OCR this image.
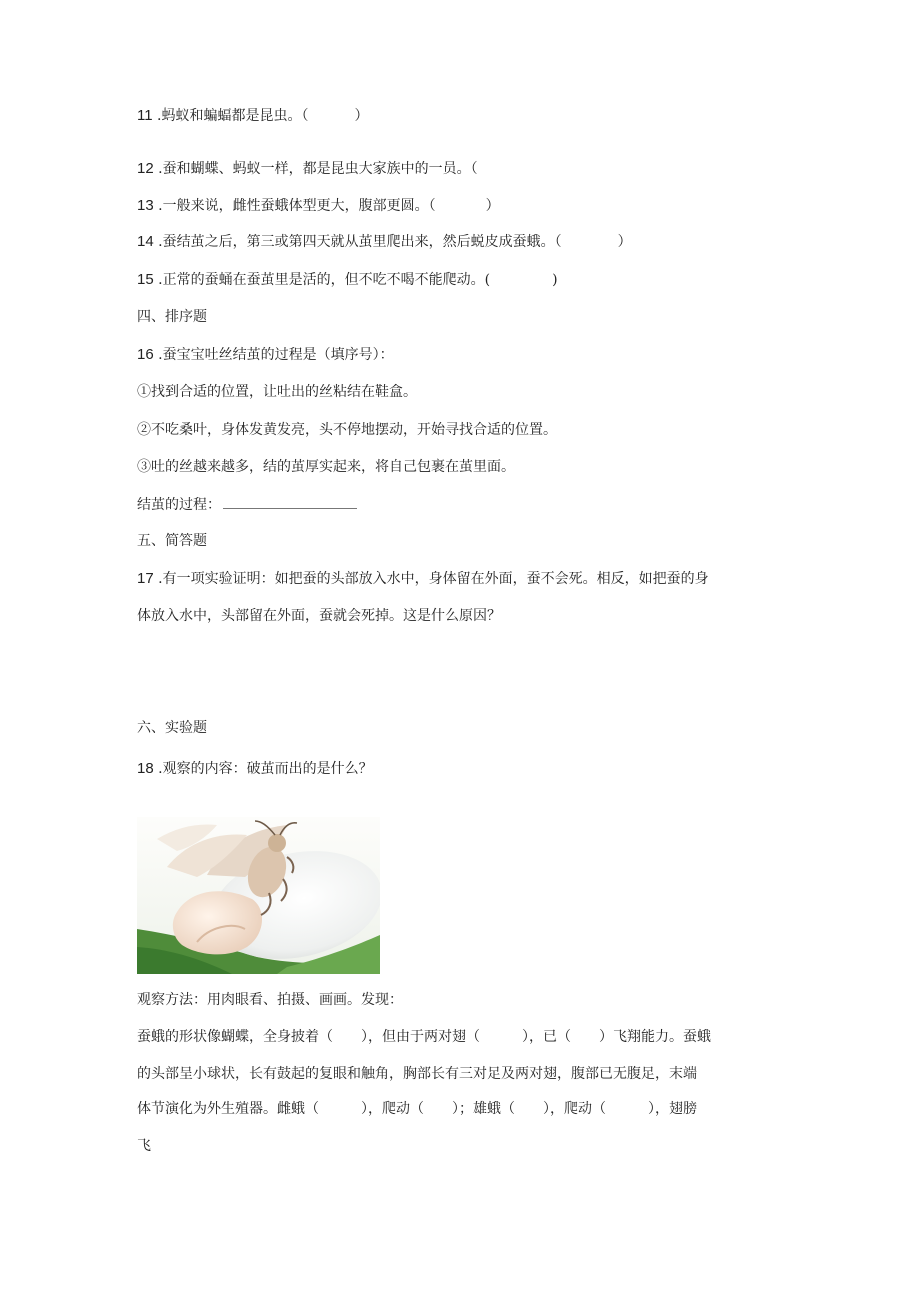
11 .蚂蚁和蝙蝠都是昆虫。（	）
12 .蚕和蝴蝶、蚂蚁一样，都是昆虫大家族中的一员。（
13 .一般来说，雌性蚕蛾体型更大，腹部更圆。（	）
14 .蚕结茧之后，第三或第四天就从茧里爬出来，然后蜕皮成蚕蛾。（	）
15 .正常的蚕蛹在蚕茧里是活的，但不吃不喝不能爬动。(	)
四、排序题
16 .蚕宝宝吐丝结茧的过程是（填序号）：
①找到合适的位置，让吐出的丝粘结在鞋盒。
②不吃桑叶，身体发黄发亮，头不停地摆动，开始寻找合适的位置。
③吐的丝越来越多，结的茧厚实起来，将自己包裹在茧里面。
结茧的过程：
五、简答题
17 .有一项实验证明：如把蚕的头部放入水中，身体留在外面，蚕不会死。相反，如把蚕的身
体放入水中，头部留在外面，蚕就会死掉。这是什么原因？
六、实验题
18 .观察的内容：破茧而出的是什么？
观察方法：用肉眼看、拍摄、画画。发现：
蚕蛾的形状像蝴蝶，全身披着（　　），但由于两对翅（　　　），已（　　）飞翔能力。蚕蛾
的头部呈小球状，长有鼓起的复眼和触角，胸部长有三对足及两对翅，腹部已无腹足，末端
体节演化为外生殖器。雌蛾（　　　），爬动（　　）；雄蛾（　　），爬动（　　　），翅膀
飞
